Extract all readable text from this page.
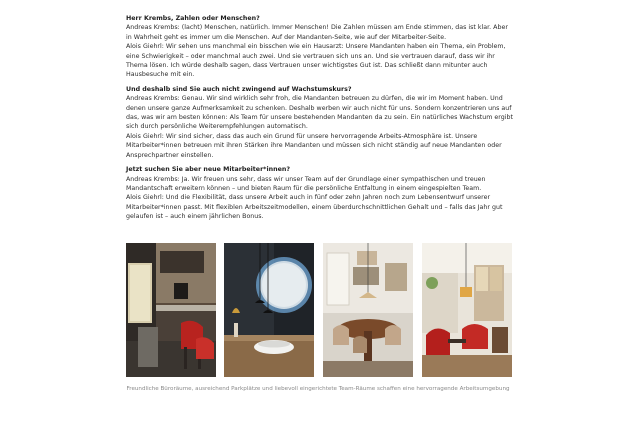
Herr Krembs, Zahlen oder Menschen?

Andreas Krembs: (lacht) Menschen, natürlich. Immer Menschen! Die Zahlen müssen am Ende stimmen, das ist klar. Aber in Wahrheit geht es immer um die Menschen. Auf der Mandanten-Seite, wie auf der Mitarbeiter-Seite.

Alois Giehrl: Wir sehen uns manchmal ein bisschen wie ein Hausarzt: Unsere Mandanten haben ein Thema, ein Problem, eine Schwierigkeit – oder manchmal auch zwei. Und sie vertrauen sich uns an. Und sie vertrauen darauf, dass wir ihr Thema lösen. Ich würde deshalb sagen, dass Vertrauen unser wichtigstes Gut ist. Das schließt dann mitunter auch Hausbesuche mit ein.

Und deshalb sind Sie auch nicht zwingend auf Wachstumskurs?

Andreas Krembs: Genau. Wir sind wirklich sehr froh, die Mandanten betreuen zu dürfen, die wir im Moment haben. Und denen unsere ganze Aufmerksamkeit zu schenken. Deshalb werben wir auch nicht für uns. Sondern konzentrieren uns auf das, was wir am besten können: Als Team für unsere bestehenden Mandanten da zu sein. Ein natürliches Wachstum ergibt sich durch persönliche Weiterempfehlungen automatisch.

Alois Giehrl: Wir sind sicher, dass das auch ein Grund für unsere hervorragende Arbeits-Atmosphäre ist. Unsere Mitarbeiter*innen betreuen mit ihren Stärken ihre Mandanten und müssen sich nicht ständig auf neue Mandanten oder Ansprechpartner einstellen.

Jetzt suchen Sie aber neue Mitarbeiter*innen?

Andreas Krembs: Ja. Wir freuen uns sehr, dass wir unser Team auf der Grundlage einer sympathischen und treuen Mandantschaft erweitern können – und bieten Raum für die persönliche Entfaltung in einem eingespielten Team.

Alois Giehrl: Und die Flexibilität, dass unsere Arbeit auch in fünf oder zehn Jahren noch zum Lebensentwurf unserer Mitarbeiter*innen passt. Mit flexiblen Arbeitszeitmodellen, einem überdurchschnittlichen Gehalt und – falls das Jahr gut gelaufen ist – auch einem jährlichen Bonus.

Freundliche Büroräume, ausreichend Parkplätze und liebevoll eingerichtete Team-Räume schaffen eine hervorragende Arbeitsumgebung
